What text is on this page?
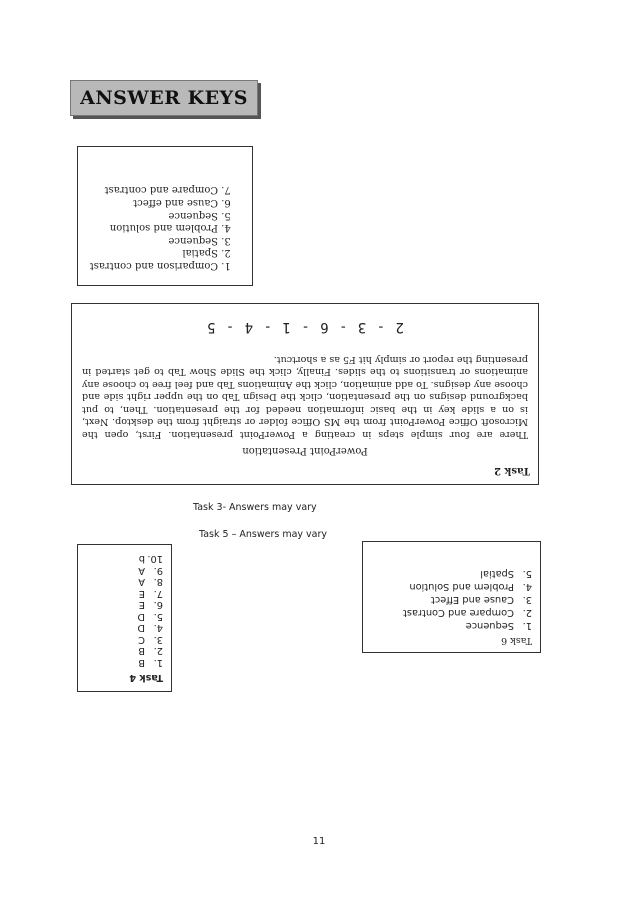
ANSWER KEYS
1. Comparison and contrast
2. Spatial
3. Sequence
4. Problem and solution
5. Sequence
6. Cause and effect
7. Compare and contrast
Task 2
PowerPoint Presentation
There are four simple steps in creating a PowerPoint presentation. First, open the Microsoft Office PowerPoint from the MS Office folder or straight from the desktop. Next, is on a slide key in the basic information needed for the presentation. Then, to put background designs on the presentation, click the Design Tab on the upper right side and choose any designs. To add animation, click the Animations Tab and feel free to choose any animations or transitions to the slides. Finally, click the Slide Show Tab to get started in presenting the report or simply hit F5 as a shortcut.
2 - 3 - 6 - 1 - 4 - 5
Task 3- Answers may vary
Task 5 – Answers may vary
Task 4
1.B
2.B
3.C
4.D
5.D
6.E
7.E
8.A
9.A
10.b
Task 6
1.Sequence
2.Compare and Contrast
3.Cause and Effect
4.Problem and Solution
5.Spatial
11
